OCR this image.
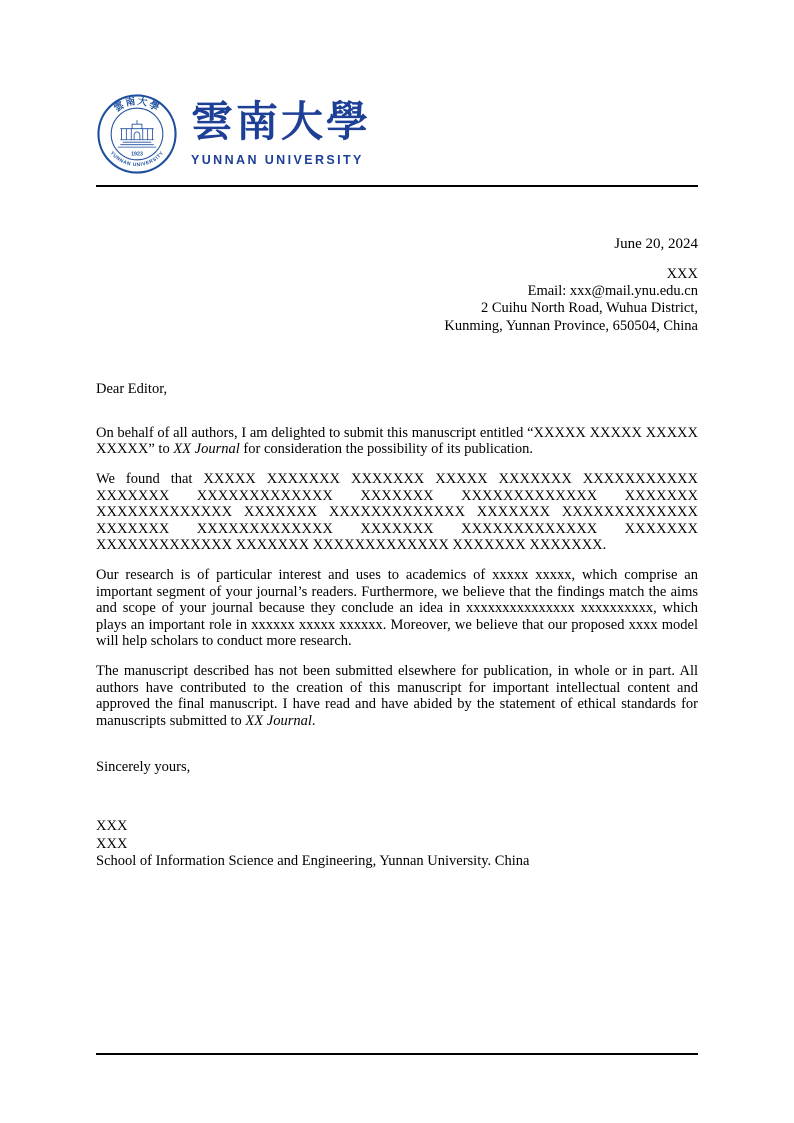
雲南大學
YUNNAN UNIVERSITY
1923
雲南大學
YUNNAN UNIVERSITY
June 20, 2024
XXX
Email: xxx@mail.ynu.edu.cn
2 Cuihu North Road, Wuhua District,
Kunming, Yunnan Province, 650504, China
Dear Editor,

On behalf of all authors, I am delighted to submit this manuscript entitled “XXXXX XXXXX XXXXX XXXXX” to XX Journal for consideration the possibility of its publication.

We found that XXXXX XXXXXXX XXXXXXX XXXXX XXXXXXX XXXXXXXXXXX XXXXXXX XXXXXXXXXXXXX XXXXXXX XXXXXXXXXXXXX XXXXXXX XXXXXXXXXXXXX XXXXXXX XXXXXXXXXXXXX XXXXXXX XXXXXXXXXXXXX XXXXXXX XXXXXXXXXXXXX XXXXXXX XXXXXXXXXXXXX XXXXXXX XXXXXXXXXXXXX XXXXXXX XXXXXXXXXXXXX XXXXXXX XXXXXXX.

Our research is of particular interest and uses to academics of xxxxx xxxxx, which comprise an important segment of your journal’s readers. Furthermore, we believe that the findings match the aims and scope of your journal because they conclude an idea in xxxxxxxxxxxxxxx xxxxxxxxxx, which plays an important role in xxxxxx xxxxx xxxxxx. Moreover, we believe that our proposed xxxx model will help scholars to conduct more research.

The manuscript described has not been submitted elsewhere for publication, in whole or in part. All authors have contributed to the creation of this manuscript for important intellectual content and approved the final manuscript. I have read and have abided by the statement of ethical standards for manuscripts submitted to XX Journal.

Sincerely yours,
XXX
XXX
School of Information Science and Engineering, Yunnan University. China
